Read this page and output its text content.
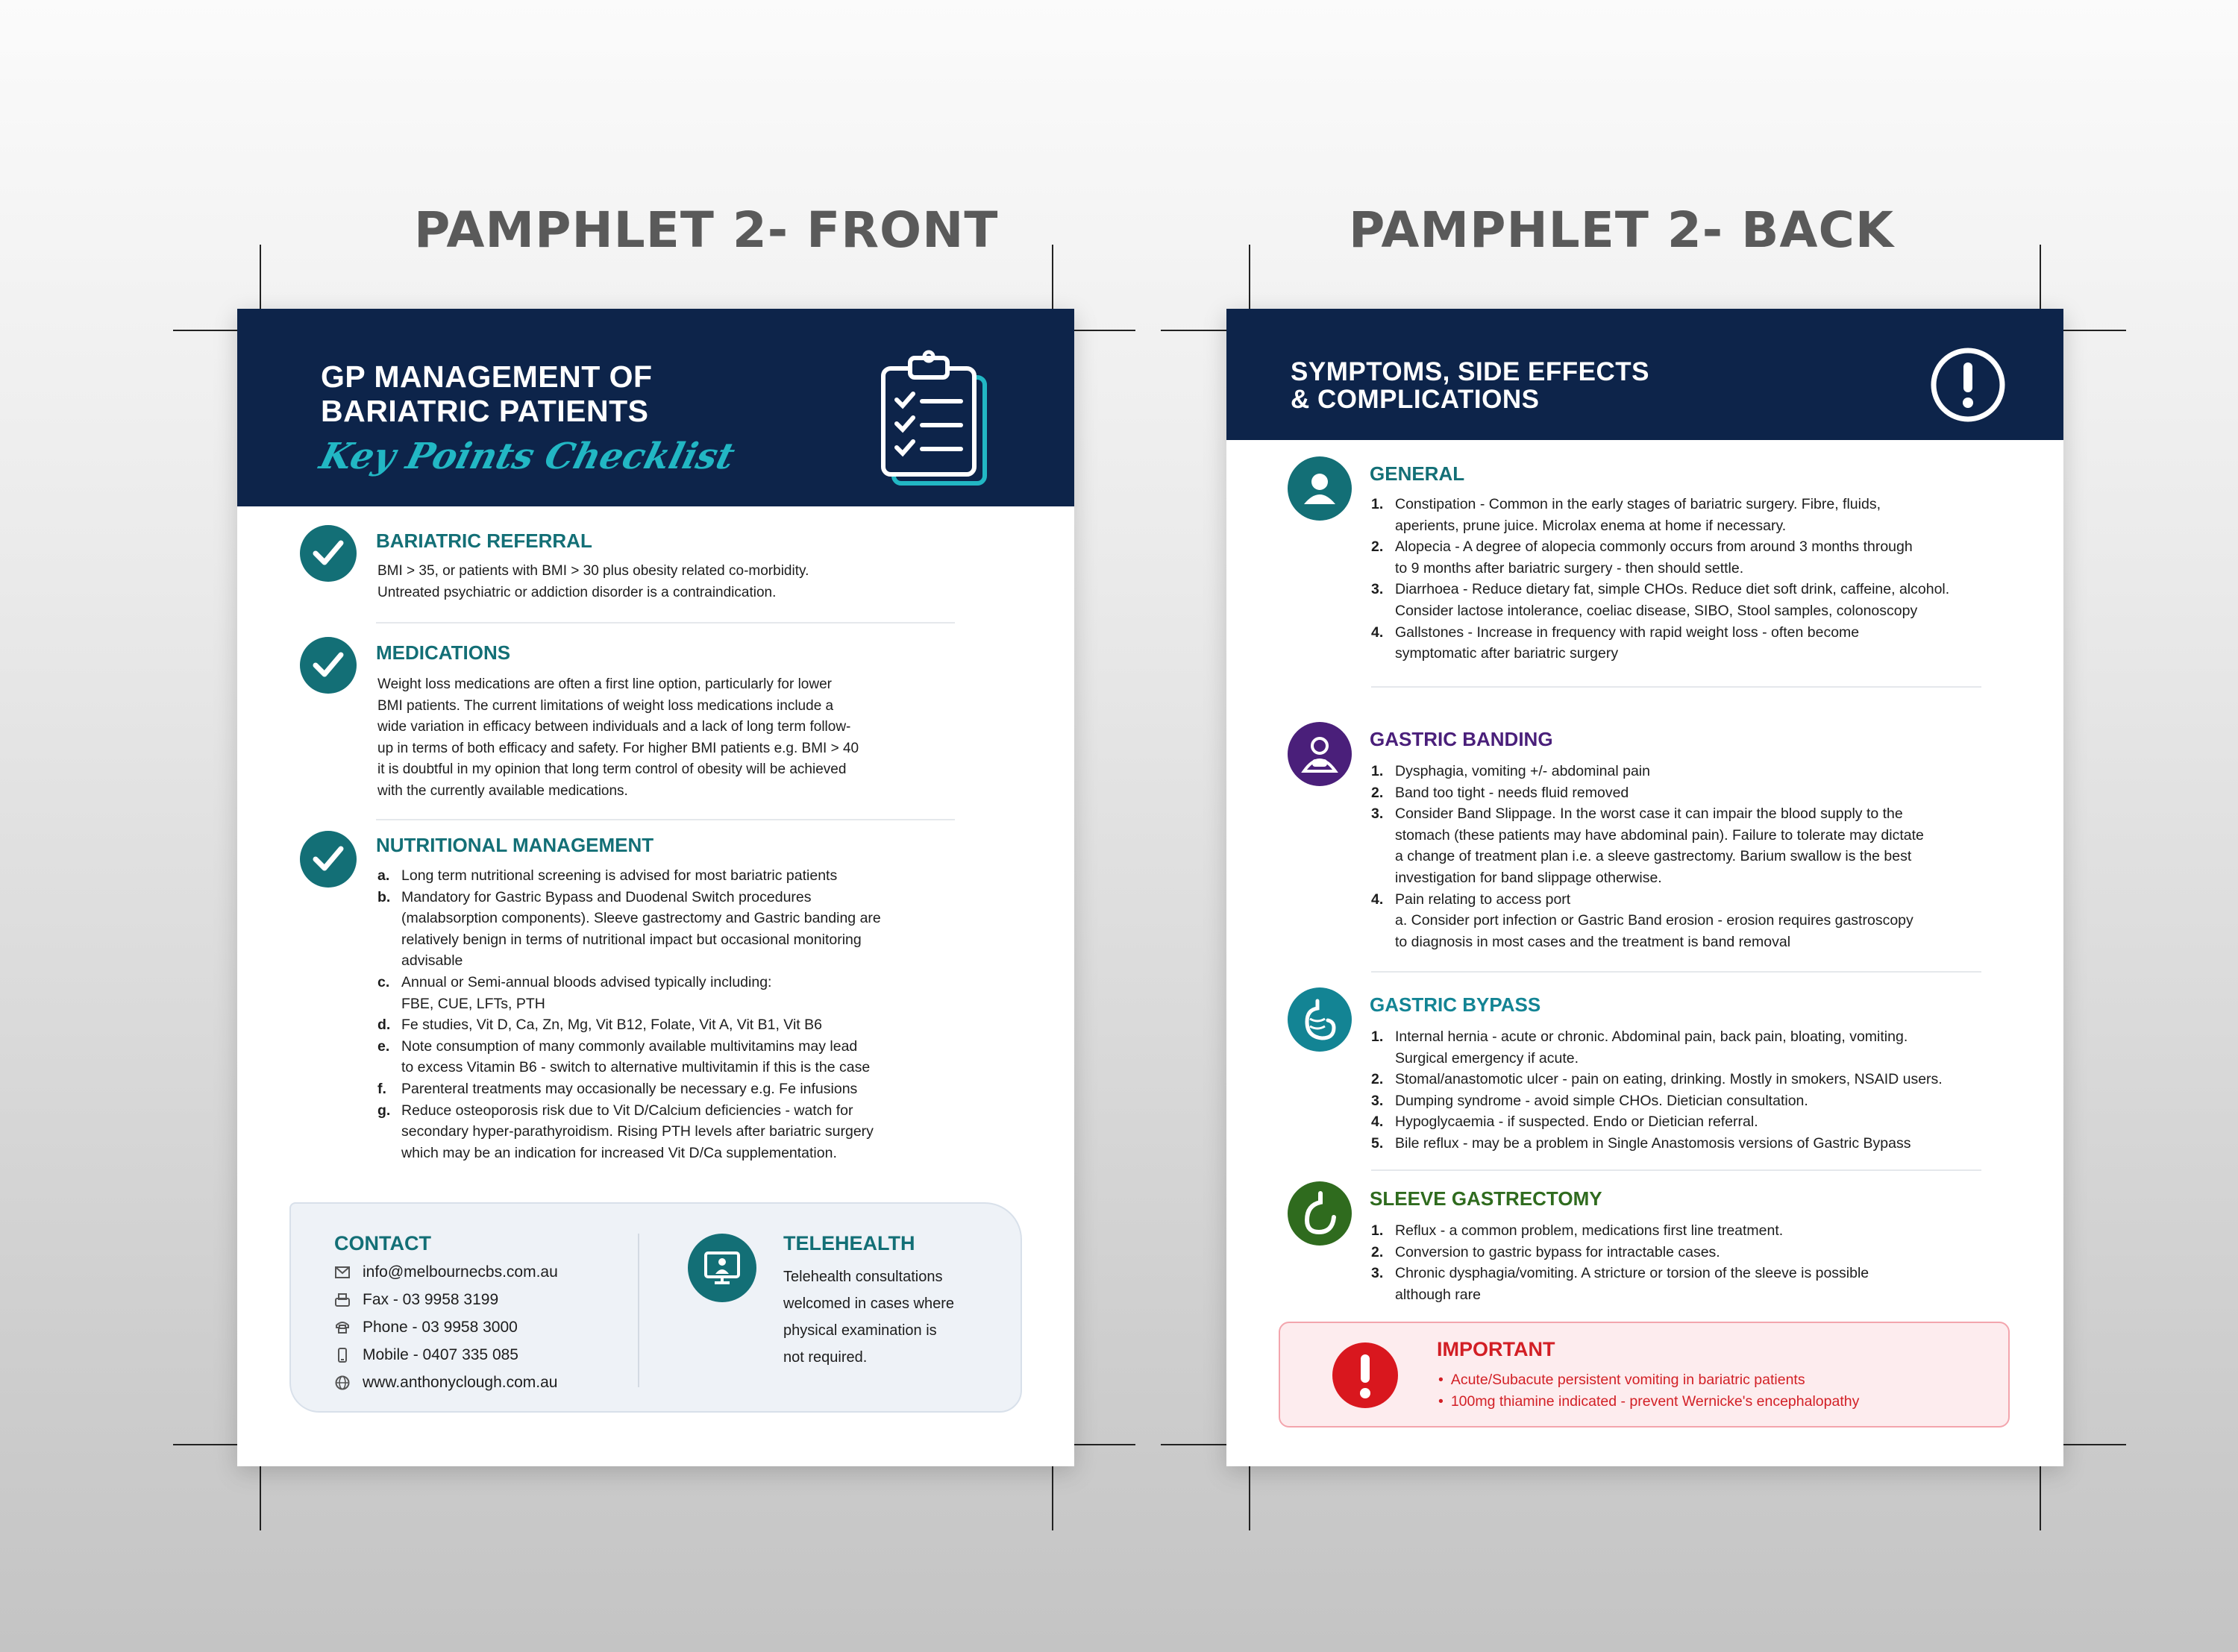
PAMPHLET 2- FRONT	PAMPHLET 2- BACK
GP MANAGEMENT OF
BARIATRIC PATIENTS
Key Points Checklist
BARIATRIC REFERRAL
BMI > 35, or patients with BMI > 30 plus obesity related co-morbidity.
Untreated psychiatric or addiction disorder is a contraindication.
MEDICATIONS
Weight loss medications are often a first line option, particularly for lower
BMI patients. The current limitations of weight loss medications include a
wide variation in efficacy between individuals and a lack of long term follow-
up in terms of both efficacy and safety. For higher BMI patients e.g. BMI > 40
it is doubtful in my opinion that long term control of obesity will be achieved
with the currently available medications.
NUTRITIONAL MANAGEMENT
a. Long term nutritional screening is advised for most bariatric patients
b. Mandatory for Gastric Bypass and Duodenal Switch procedures
(malabsorption components). Sleeve gastrectomy and Gastric banding are
relatively benign in terms of nutritional impact but occasional monitoring
advisable
c. Annual or Semi-annual bloods advised typically including:
FBE, CUE, LFTs, PTH
d. Fe studies, Vit D, Ca, Zn, Mg, Vit B12, Folate, Vit A, Vit B1, Vit B6
e. Note consumption of many commonly available multivitamins may lead
to excess Vitamin B6 - switch to alternative multivitamin if this is the case
f.	Parenteral treatments may occasionally be necessary e.g. Fe infusions
g. Reduce osteoporosis risk due to Vit D/Calcium deficiencies - watch for
secondary hyper-parathyroidism. Rising PTH levels after bariatric surgery
which may be an indication for increased Vit D/Ca supplementation.
CONTACT
info@melbournecbs.com.au
Fax - 03 9958 3199
Phone - 03 9958 3000
Mobile - 0407 335 085
www.anthonyclough.com.au
TELEHEALTH
Telehealth consultations
welcomed in cases where
physical examination is
not required.
SYMPTOMS, SIDE EFFECTS
& COMPLICATIONS
GENERAL
1. Constipation - Common in the early stages of bariatric surgery. Fibre, fluids,
aperients, prune juice. Microlax enema at home if necessary.
2. Alopecia - A degree of alopecia commonly occurs from around 3 months through
to 9 months after bariatric surgery - then should settle.
3. Diarrhoea - Reduce dietary fat, simple CHOs. Reduce diet soft drink, caffeine, alcohol.
Consider lactose intolerance, coeliac disease, SIBO, Stool samples, colonoscopy
4. Gallstones - Increase in frequency with rapid weight loss - often become
symptomatic after bariatric surgery
GASTRIC BANDING
1. Dysphagia, vomiting +/- abdominal pain
2. Band too tight - needs fluid removed
3. Consider Band Slippage. In the worst case it can impair the blood supply to the
stomach (these patients may have abdominal pain). Failure to tolerate may dictate
a change of treatment plan i.e. a sleeve gastrectomy. Barium swallow is the best
investigation for band slippage otherwise.
4. Pain relating to access port
a. Consider port infection or Gastric Band erosion - erosion requires gastroscopy
to diagnosis in most cases and the treatment is band removal
GASTRIC BYPASS
1. Internal hernia - acute or chronic. Abdominal pain, back pain, bloating, vomiting.
Surgical emergency if acute.
2. Stomal/anastomotic ulcer - pain on eating, drinking. Mostly in smokers, NSAID users.
3. Dumping syndrome - avoid simple CHOs. Dietician consultation.
4. Hypoglycaemia - if suspected. Endo or Dietician referral.
5. Bile reflux - may be a problem in Single Anastomosis versions of Gastric Bypass
SLEEVE GASTRECTOMY
1. Reflux - a common problem, medications first line treatment.
2. Conversion to gastric bypass for intractable cases.
3. Chronic dysphagia/vomiting. A stricture or torsion of the sleeve is possible
although rare
IMPORTANT
• Acute/Subacute persistent vomiting in bariatric patients
• 100mg thiamine indicated - prevent Wernicke's encephalopathy
